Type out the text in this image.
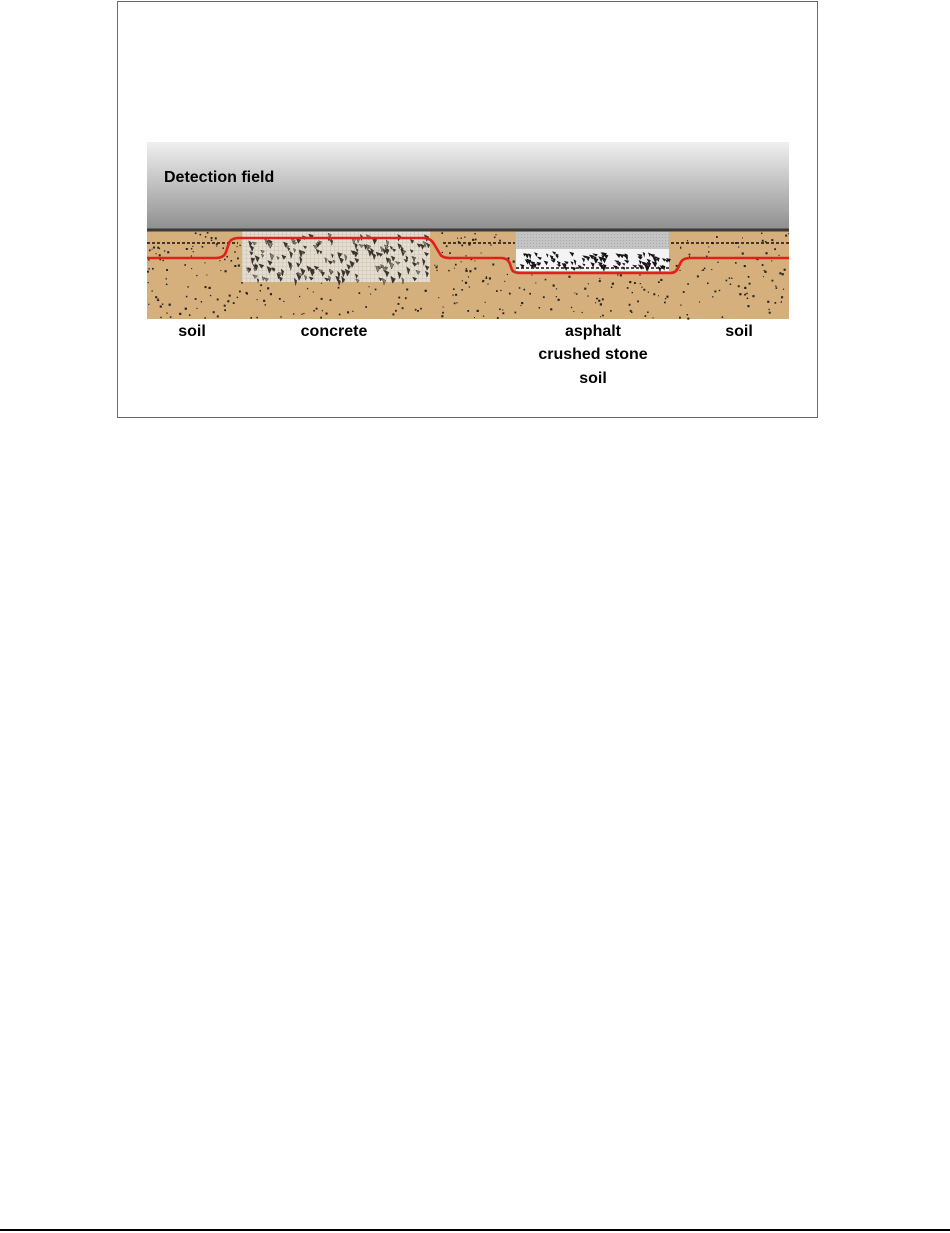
Detection field
soil	concrete	asphalt
crushed stone
soil
soil
